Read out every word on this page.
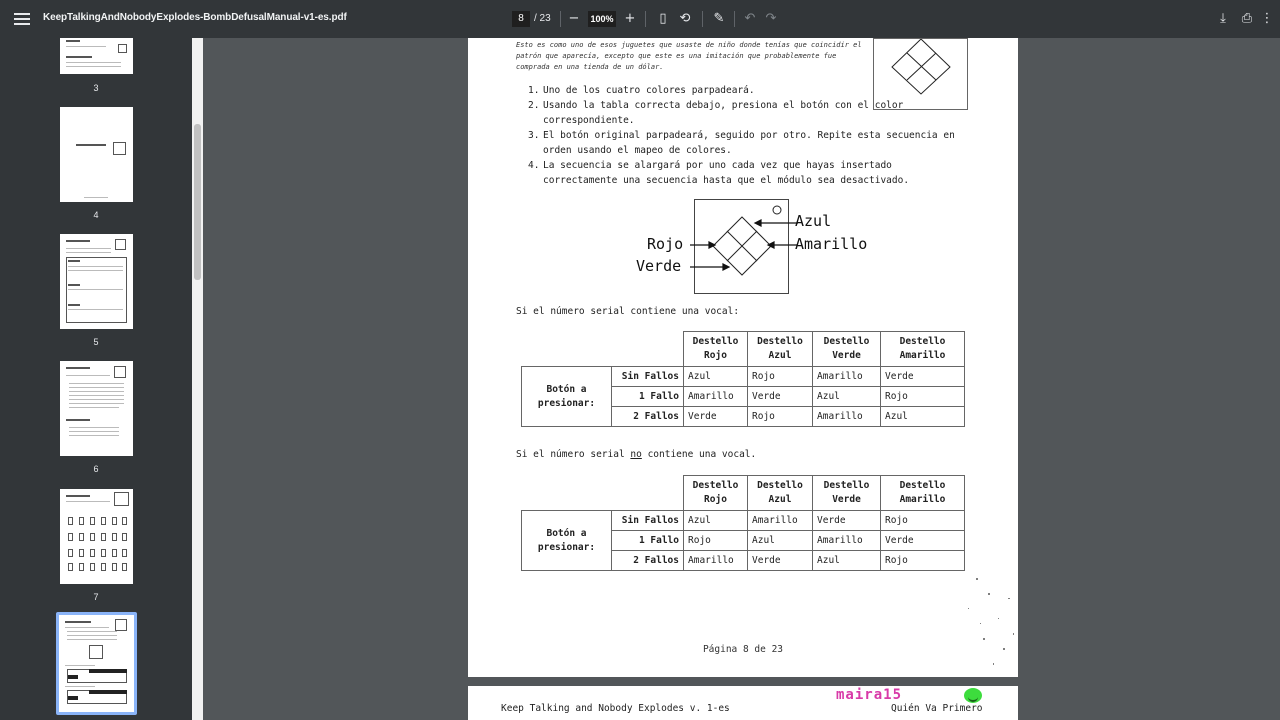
KeepTalkingAndNobodyExplodes-BombDefusalManual-v1-es.pdf	8	/ 23 −	100% +	▯ ⟲ ✎ ↶ ↷	⤓	⎙ ⋮
3
4
5
6
7
Esto es como uno de esos juguetes que usaste de niño donde tenías que coincidir el patrón que aparecía, excepto que este es una imitación que probablemente fue comprada en una tienda de un dólar.
1. Uno de los cuatro colores parpadeará.
2. Usando la tabla correcta debajo, presiona el botón con el color correspondiente.
3. El botón original parpadeará, seguido por otro. Repite esta secuencia en orden usando el mapeo de colores.
4. La secuencia se alargará por uno cada vez que hayas insertado correctamente una secuencia hasta que el módulo sea desactivado.
Azul
Amarillo
Rojo
Verde
Si el número serial contiene una vocal:
		Destello Rojo	Destello Azul	Destello Verde	Destello Amarillo
Botón a presionar:	Sin Fallos	Azul	Rojo	Amarillo	Verde
	1 Fallo	Amarillo	Verde	Azul	Rojo
	2 Fallos	Verde	Rojo	Amarillo	Azul
Si el número serial no contiene una vocal.
		Destello Rojo	Destello Azul	Destello Verde	Destello Amarillo
Botón a presionar:	Sin Fallos	Azul	Amarillo	Verde	Rojo
	1 Fallo	Rojo	Azul	Amarillo	Verde
	2 Fallos	Amarillo	Verde	Azul	Rojo
Página 8 de 23
Keep Talking and Nobody Explodes v. 1-es	Quién Va Primero
maira15
